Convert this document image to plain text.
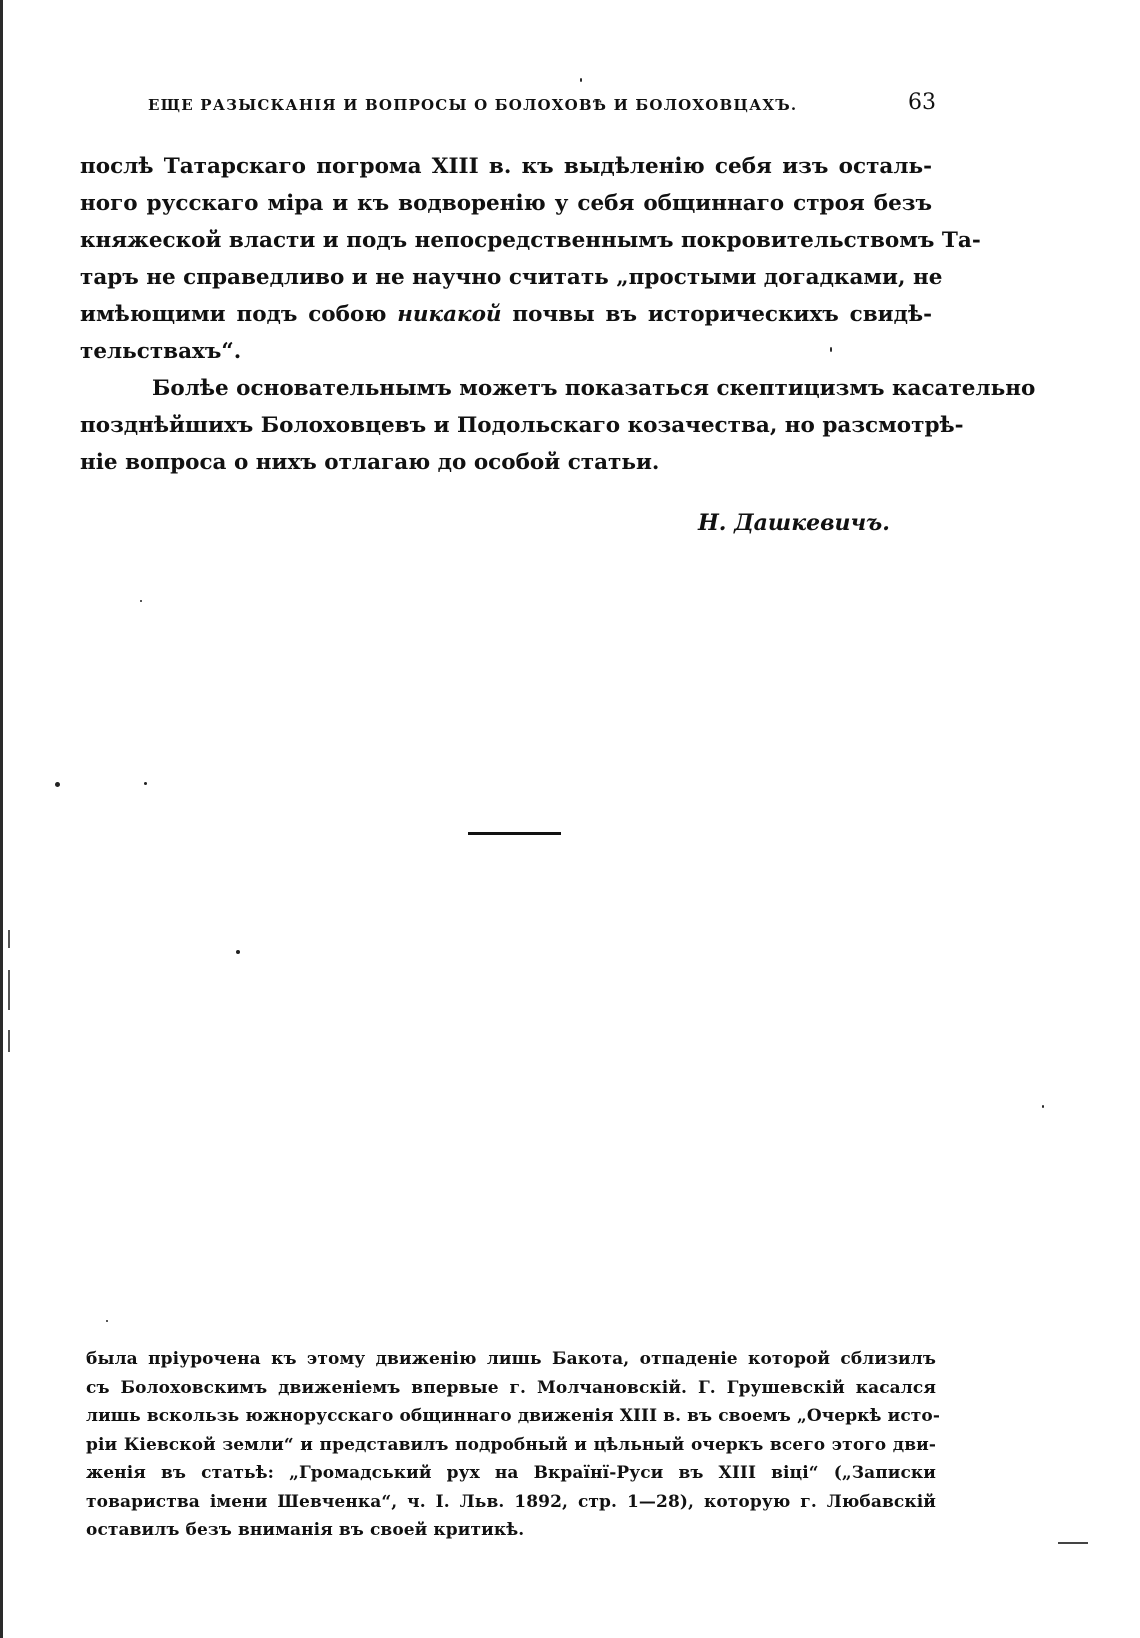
ЕЩЕ РАЗЫСКАНІЯ И ВОПРОСЫ О БОЛОХОВѢ И БОЛОХОВЦАХЪ.	63
послѣ Татарскаго погрома XIII в. къ выдѣленію себя изъ осталь-
ного русскаго міра и къ водворенію у себя общиннаго строя безъ
княжеской власти и подъ непосредственнымъ покровительствомъ Та-
таръ не справедливо и не научно считать „простыми догадками, не
имѣющими подъ собою никакой почвы въ историческихъ свидѣ-
тельствахъ“.
Болѣе основательнымъ можетъ показаться скептицизмъ касательно
позднѣйшихъ Болоховцевъ и Подольскаго козачества, но разсмотрѣ-
ніе вопроса о нихъ отлагаю до особой статьи.
Н. Дашкевичъ.
была пріурочена къ этому движенію лишь Бакота, отпаденіе которой сблизилъ
съ Болоховскимъ движеніемъ впервые г. Молчановскій. Г. Грушевскій касался
лишь вскользь южнорусскаго общиннаго движенія XIII в. въ своемъ „Очеркѣ исто-
ріи Кіевской земли“ и представилъ подробный и цѣльный очеркъ всего этого дви-
женія въ статьѣ: „Громадський рух на Вкраїнї-Руси въ XIII віці“ („Записки
товариства імени Шевченка“, ч. I. Льв. 1892, стр. 1—28), которую г. Любавскій
оставилъ безъ вниманія въ своей критикѣ.
